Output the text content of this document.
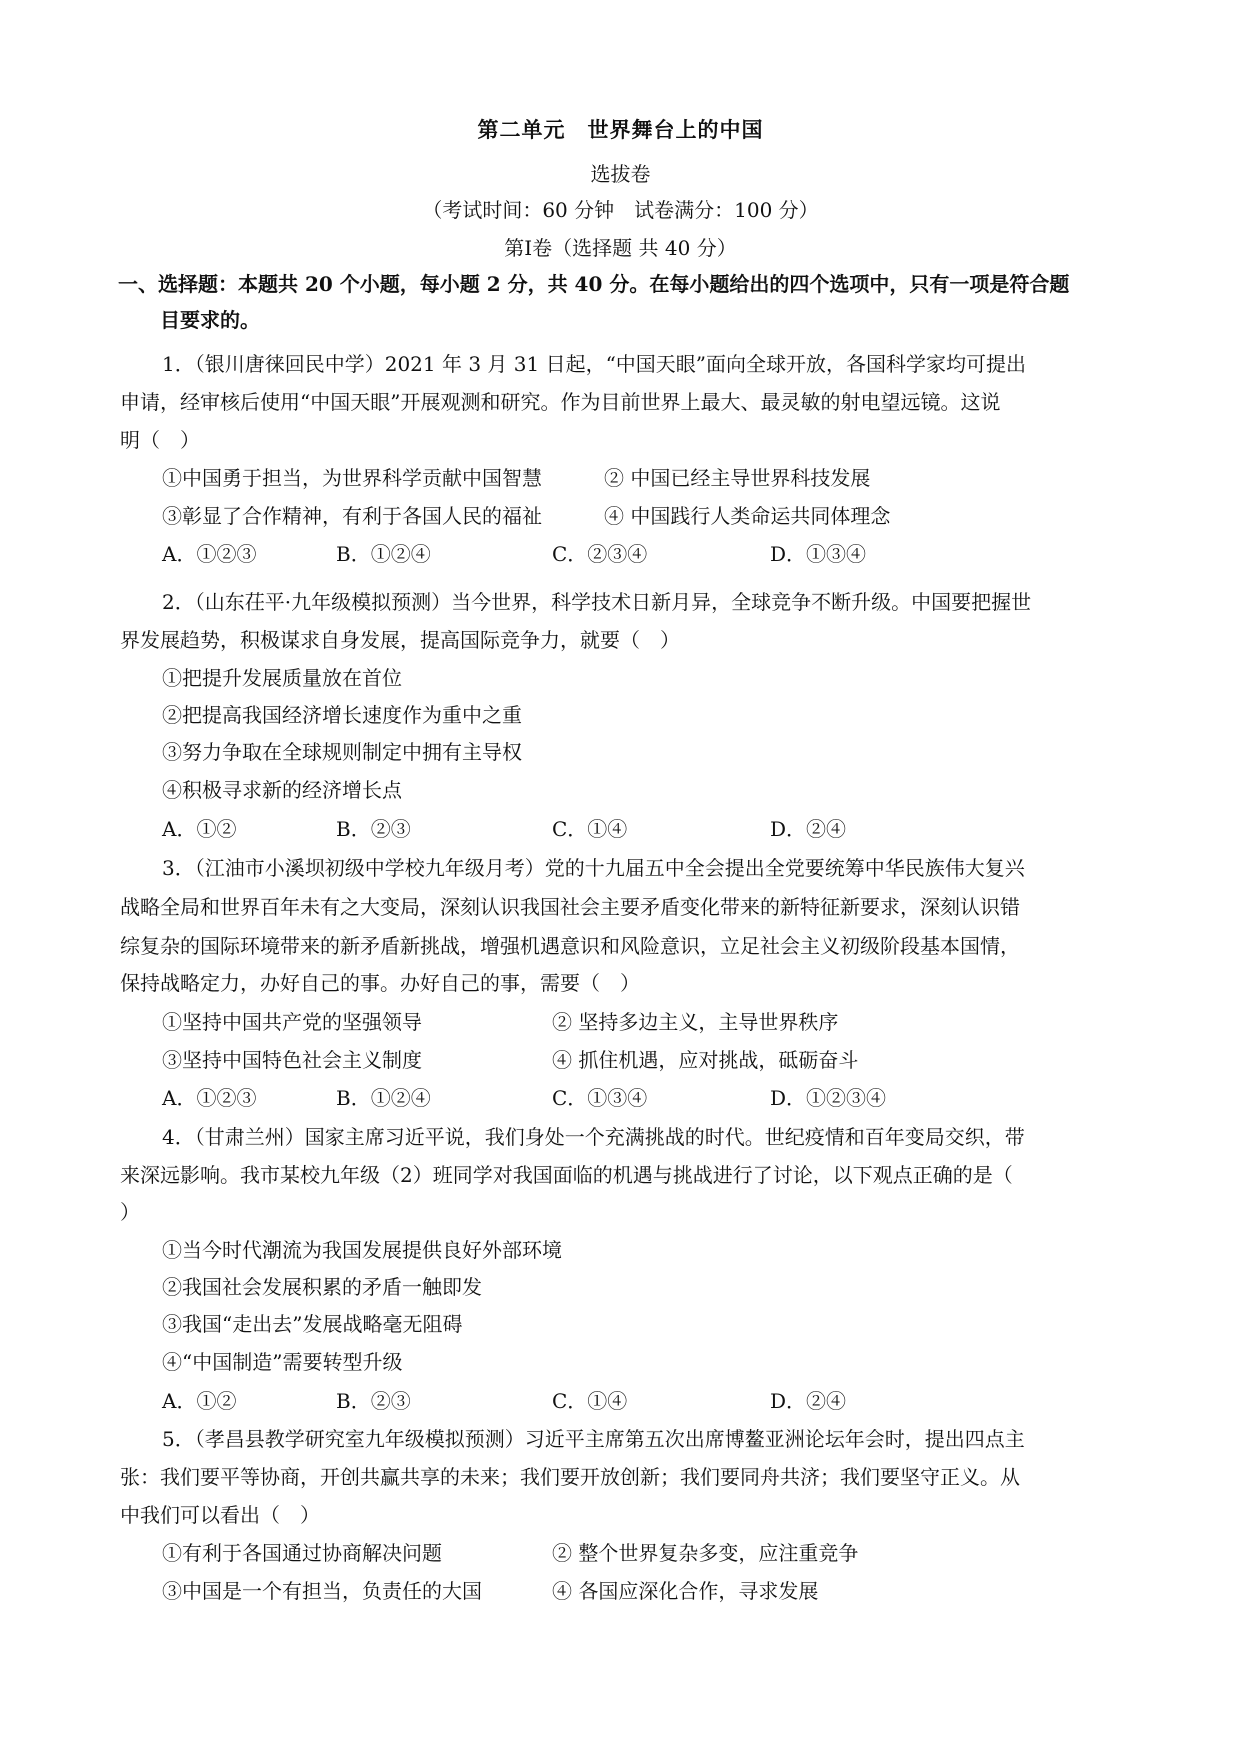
第二单元　世界舞台上的中国
选拔卷
（考试时间：60 分钟　试卷满分：100 分）
第Ⅰ卷（选择题 共 40 分）
一、选择题：本题共 20 个小题，每小题 2 分，共 40 分。在每小题给出的四个选项中，只有一项是符合题
目要求的。
1．（银川唐徕回民中学）2021 年 3 月 31 日起，“中国天眼”面向全球开放，各国科学家均可提出
申请，经审核后使用“中国天眼”开展观测和研究。作为目前世界上最大、最灵敏的射电望远镜。这说
明（　）
①中国勇于担当，为世界科学贡献中国智慧	② 中国已经主导世界科技发展
③彰显了合作精神，有利于各国人民的福祉	④ 中国践行人类命运共同体理念
A．①②③	B．①②④	C．②③④	D．①③④
2．（山东茌平·九年级模拟预测）当今世界，科学技术日新月异，全球竞争不断升级。中国要把握世
界发展趋势，积极谋求自身发展，提高国际竞争力，就要（　）
①把提升发展质量放在首位
②把提高我国经济增长速度作为重中之重
③努力争取在全球规则制定中拥有主导权
④积极寻求新的经济增长点
A．①②	B．②③	C．①④	D．②④
3．（江油市小溪坝初级中学校九年级月考）党的十九届五中全会提出全党要统筹中华民族伟大复兴
战略全局和世界百年未有之大变局，深刻认识我国社会主要矛盾变化带来的新特征新要求，深刻认识错
综复杂的国际环境带来的新矛盾新挑战，增强机遇意识和风险意识，立足社会主义初级阶段基本国情，
保持战略定力，办好自己的事。办好自己的事，需要（　）
①坚持中国共产党的坚强领导	② 坚持多边主义，主导世界秩序
③坚持中国特色社会主义制度	④ 抓住机遇，应对挑战，砥砺奋斗
A．①②③	B．①②④	C．①③④	D．①②③④
4．（甘肃兰州）国家主席习近平说，我们身处一个充满挑战的时代。世纪疫情和百年变局交织，带
来深远影响。我市某校九年级（2）班同学对我国面临的机遇与挑战进行了讨论，以下观点正确的是（
）
①当今时代潮流为我国发展提供良好外部环境
②我国社会发展积累的矛盾一触即发
③我国“走出去”发展战略毫无阻碍
④“中国制造”需要转型升级
A．①②	B．②③	C．①④	D．②④
5．（孝昌县教学研究室九年级模拟预测）习近平主席第五次出席博鳌亚洲论坛年会时，提出四点主
张：我们要平等协商，开创共赢共享的未来；我们要开放创新；我们要同舟共济；我们要坚守正义。从
中我们可以看出（　）
①有利于各国通过协商解决问题	② 整个世界复杂多变，应注重竞争
③中国是一个有担当，负责任的大国	④ 各国应深化合作，寻求发展
